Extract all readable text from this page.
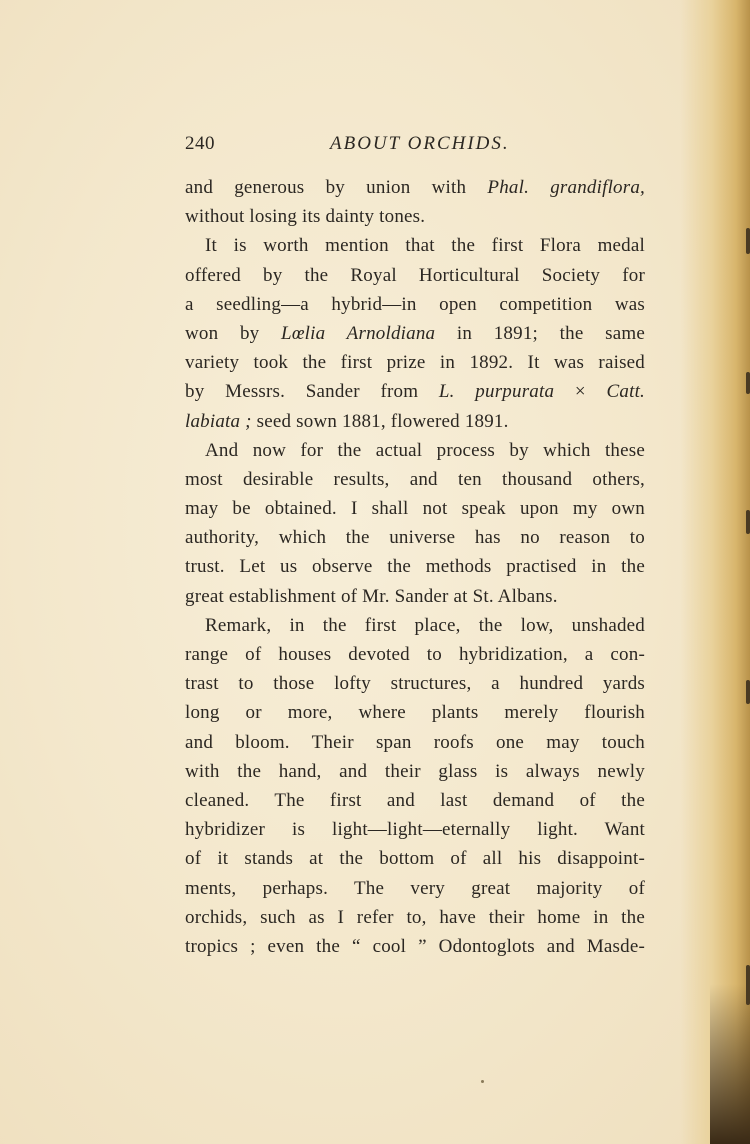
240	ABOUT ORCHIDS.
and generous by union with Phal. grandiflora,
without losing its dainty tones.
It is worth mention that the first Flora medal
offered by the Royal Horticultural Society for
a seedling—a hybrid—in open competition was
won by Lœlia Arnoldiana in 1891; the same
variety took the first prize in 1892. It was raised
by Messrs. Sander from L. purpurata × Catt.
labiata ; seed sown 1881, flowered 1891.
And now for the actual process by which these
most desirable results, and ten thousand others,
may be obtained. I shall not speak upon my own
authority, which the universe has no reason to
trust. Let us observe the methods practised in the
great establishment of Mr. Sander at St. Albans.
Remark, in the first place, the low, unshaded
range of houses devoted to hybridization, a con-
trast to those lofty structures, a hundred yards
long or more, where plants merely flourish
and bloom. Their span roofs one may touch
with the hand, and their glass is always newly
cleaned. The first and last demand of the
hybridizer is light—light—eternally light. Want
of it stands at the bottom of all his disappoint-
ments, perhaps. The very great majority of
orchids, such as I refer to, have their home in the
tropics ; even the “ cool ” Odontoglots and Masde-
